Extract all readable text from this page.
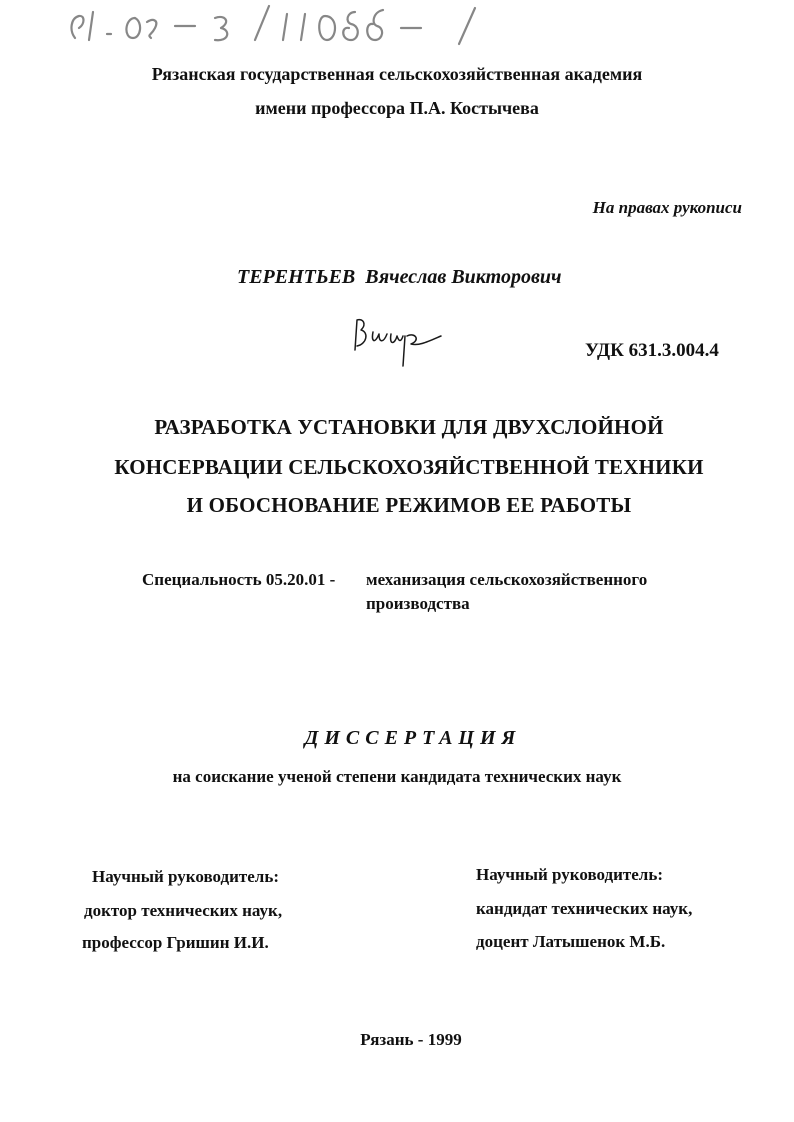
Рязанская государственная сельскохозяйственная академия
имени профессора П.А. Костычева
На правах рукописи
ТЕРЕНТЬЕВ Вячеслав Викторович
УДК 631.3.004.4
РАЗРАБОТКА УСТАНОВКИ ДЛЯ ДВУХСЛОЙНОЙ
КОНСЕРВАЦИИ СЕЛЬСКОХОЗЯЙСТВЕННОЙ ТЕХНИКИ
И ОБОСНОВАНИЕ РЕЖИМОВ ЕЕ РАБОТЫ
Специальность 05.20.01 - механизация сельскохозяйственного
производства
ДИССЕРТАЦИЯ
на соискание ученой степени кандидата технических наук
Научный руководитель:
доктор технических наук,
профессор Гришин И.И.
Научный руководитель:
кандидат технических наук,
доцент Латышенок М.Б.
Рязань - 1999
